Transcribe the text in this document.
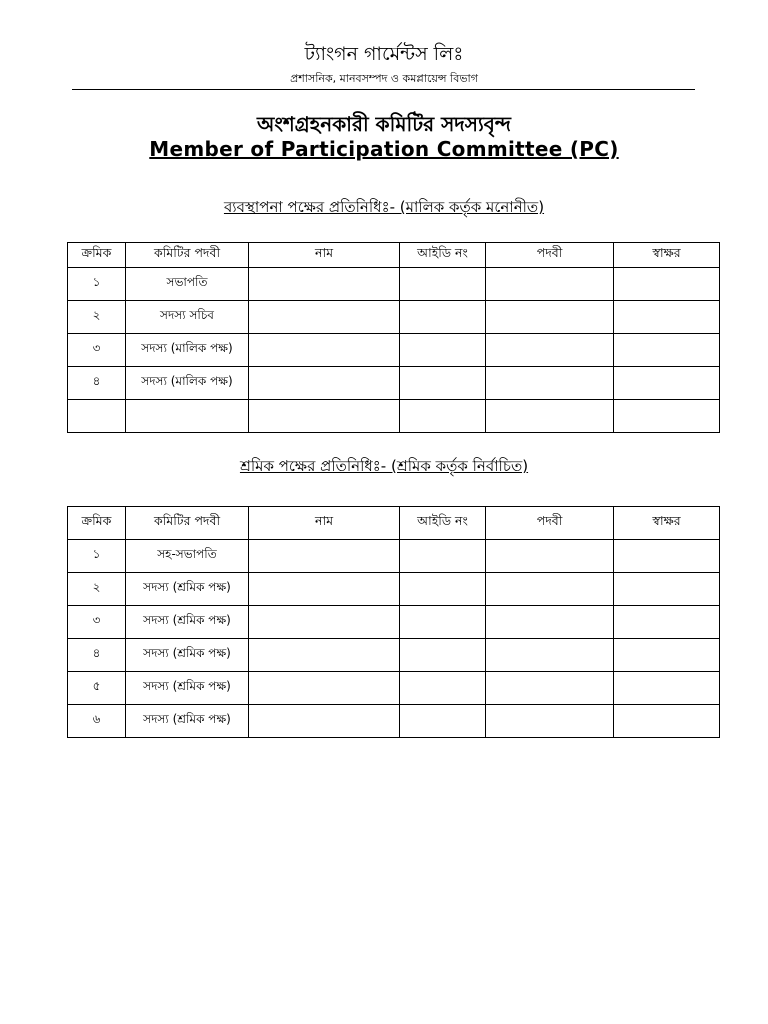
ট্যাংগন গার্মেন্টস লিঃ
প্রশাসনিক, মানবসম্পদ ও কমপ্লায়েন্স বিভাগ
অংশগ্রহনকারী কমিটির সদস্যবৃন্দ
Member of Participation Committee (PC)
ব্যবস্থাপনা পক্ষের প্রতিনিধিঃ- (মালিক কর্তৃক মনোনীত)
ক্রমিক	কমিটির পদবী	নাম	আইডি নং	পদবী	স্বাক্ষর
১	সভাপতি				
২	সদস্য সচিব				
৩	সদস্য (মালিক পক্ষ)				
৪	সদস্য (মালিক পক্ষ)				

শ্রমিক পক্ষের প্রতিনিধিঃ- (শ্রমিক কর্তৃক নির্বাচিত)
ক্রমিক	কমিটির পদবী	নাম	আইডি নং	পদবী	স্বাক্ষর
১	সহ-সভাপতি				
২	সদস্য (শ্রমিক পক্ষ)				
৩	সদস্য (শ্রমিক পক্ষ)				
৪	সদস্য (শ্রমিক পক্ষ)				
৫	সদস্য (শ্রমিক পক্ষ)				
৬	সদস্য (শ্রমিক পক্ষ)				
